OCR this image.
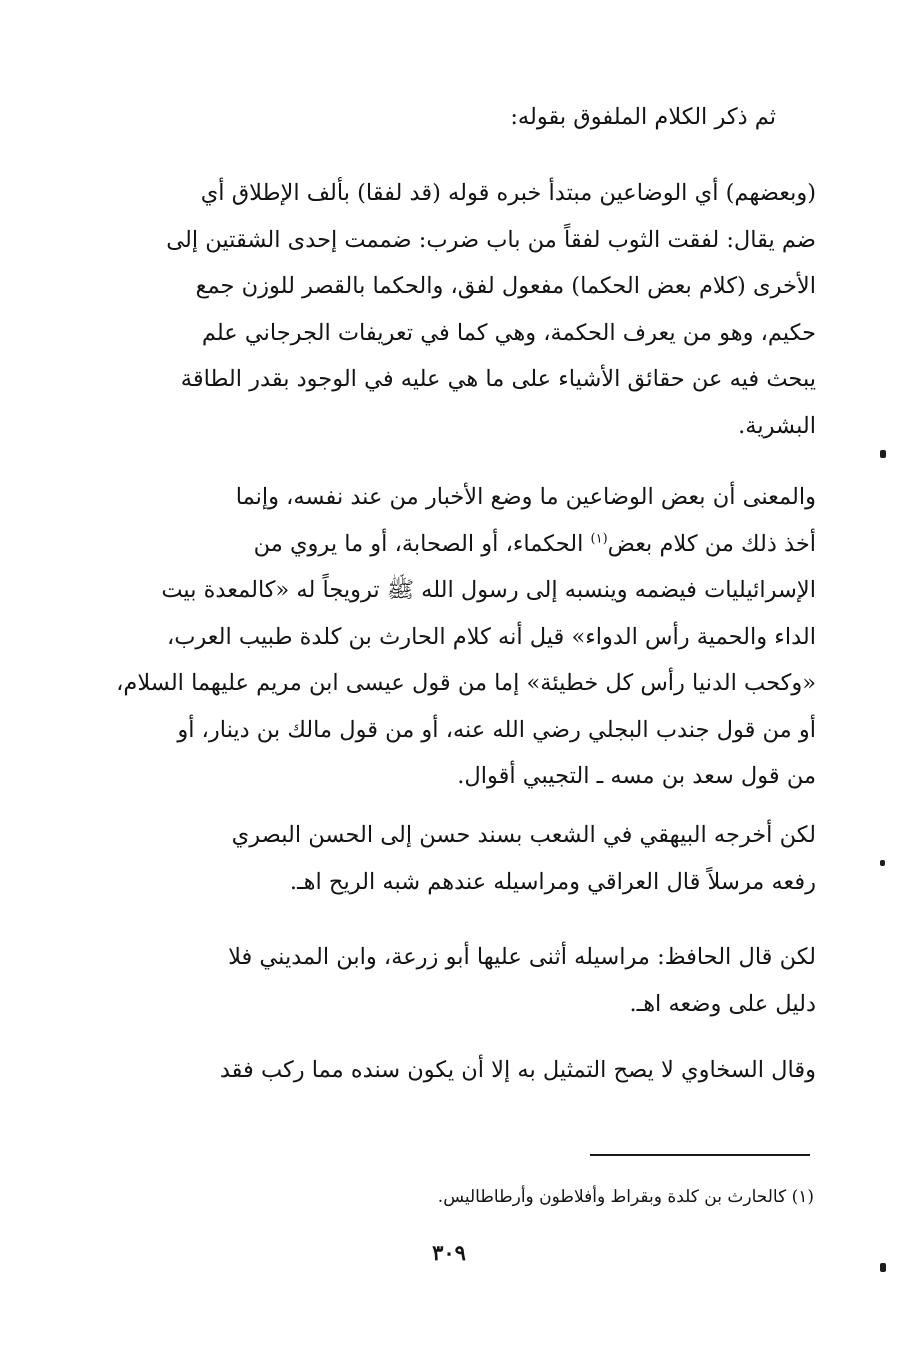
ثم ذكر الكلام الملفوق بقوله:
(وبعضهم) أي الوضاعين مبتدأ خبره قوله (قد لفقا) بألف الإطلاق أي
ضم يقال: لفقت الثوب لفقاً من باب ضرب: ضممت إحدى الشقتين إلى
الأخرى (كلام بعض الحكما) مفعول لفق، والحكما بالقصر للوزن جمع
حكيم، وهو من يعرف الحكمة، وهي كما في تعريفات الجرجاني علم
يبحث فيه عن حقائق الأشياء على ما هي عليه في الوجود بقدر الطاقة
البشرية.
والمعنى أن بعض الوضاعين ما وضع الأخبار من عند نفسه، وإنما
أخذ ذلك من كلام بعض$^{(١)}$ الحكماء، أو الصحابة، أو ما يروي من
الإسرائيليات فيضمه وينسبه إلى رسول الله ﷺ ترويجاً له «كالمعدة بيت
الداء والحمية رأس الدواء» قيل أنه كلام الحارث بن كلدة طبيب العرب،
«وكحب الدنيا رأس كل خطيئة» إما من قول عيسى ابن مريم عليهما السلام،
أو من قول جندب البجلي رضي الله عنه، أو من قول مالك بن دينار، أو
من قول سعد بن مسه ـ التجيبي أقوال.
لكن أخرجه البيهقي في الشعب بسند حسن إلى الحسن البصري
رفعه مرسلاً قال العراقي ومراسيله عندهم شبه الريح اهـ.
لكن قال الحافظ: مراسيله أثنى عليها أبو زرعة، وابن المديني فلا
دليل على وضعه اهـ.
وقال السخاوي لا يصح التمثيل به إلا أن يكون سنده مما ركب فقد
(١) كالحارث بن كلدة وبقراط وأفلاطون وأرطاطاليس.
٣٠٩
